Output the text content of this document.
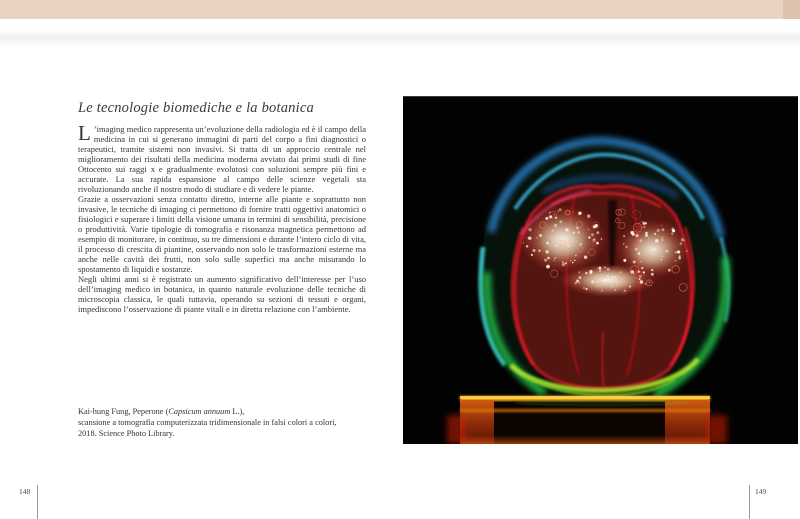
Le tecnologie biomediche e la botanica

L ’imaging medico rappresenta un’evoluzione della radiologia ed è il campo della medicina in cui si generano immagini di parti del corpo a fini diagnostici o terapeutici, tramite sistemi non invasivi. Si tratta di un approccio centrale nel miglioramento dei risultati della medicina moderna avviato dai primi studi di fine Ottocento sui raggi x e gradualmente evolutosi con soluzioni sempre più fini e accurate. La sua rapida espansione al campo delle scienze vegetali sta rivoluzionando anche il nostro modo di studiare e di vedere le piante.

Grazie a osservazioni senza contatto diretto, interne alle piante e soprattutto non invasive, le tecniche di imaging ci permettono di fornire tratti oggettivi anatomici o fisiologici e superare i limiti della visione umana in termini di sensibilità, precisione o produttività. Varie tipologie di tomografia e risonanza magnetica permettono ad esempio di monitorare, in continuo, su tre dimensioni e durante l’intero ciclo di vita, il processo di crescita di piantine, osservando non solo le trasformazioni esterne ma anche nelle cavità dei frutti, non solo sulle superfici ma anche misurando lo spostamento di liquidi e sostanze.

Negli ultimi anni si è registrato un aumento significativo dell’interesse per l’uso dell’imaging medico in botanica, in quanto naturale evoluzione delle tecniche di microscopia classica, le quali tuttavia, operando su sezioni di tessuti e organi, impediscono l’osservazione di piante vitali e in diretta relazione con l’ambiente.

Kai-hung Fung, Peperone (Capsicum annuum L.),
scansione a tomografia computerizzata tridimensionale in falsi colori a colori,
2018. Science Photo Library.
148	149
